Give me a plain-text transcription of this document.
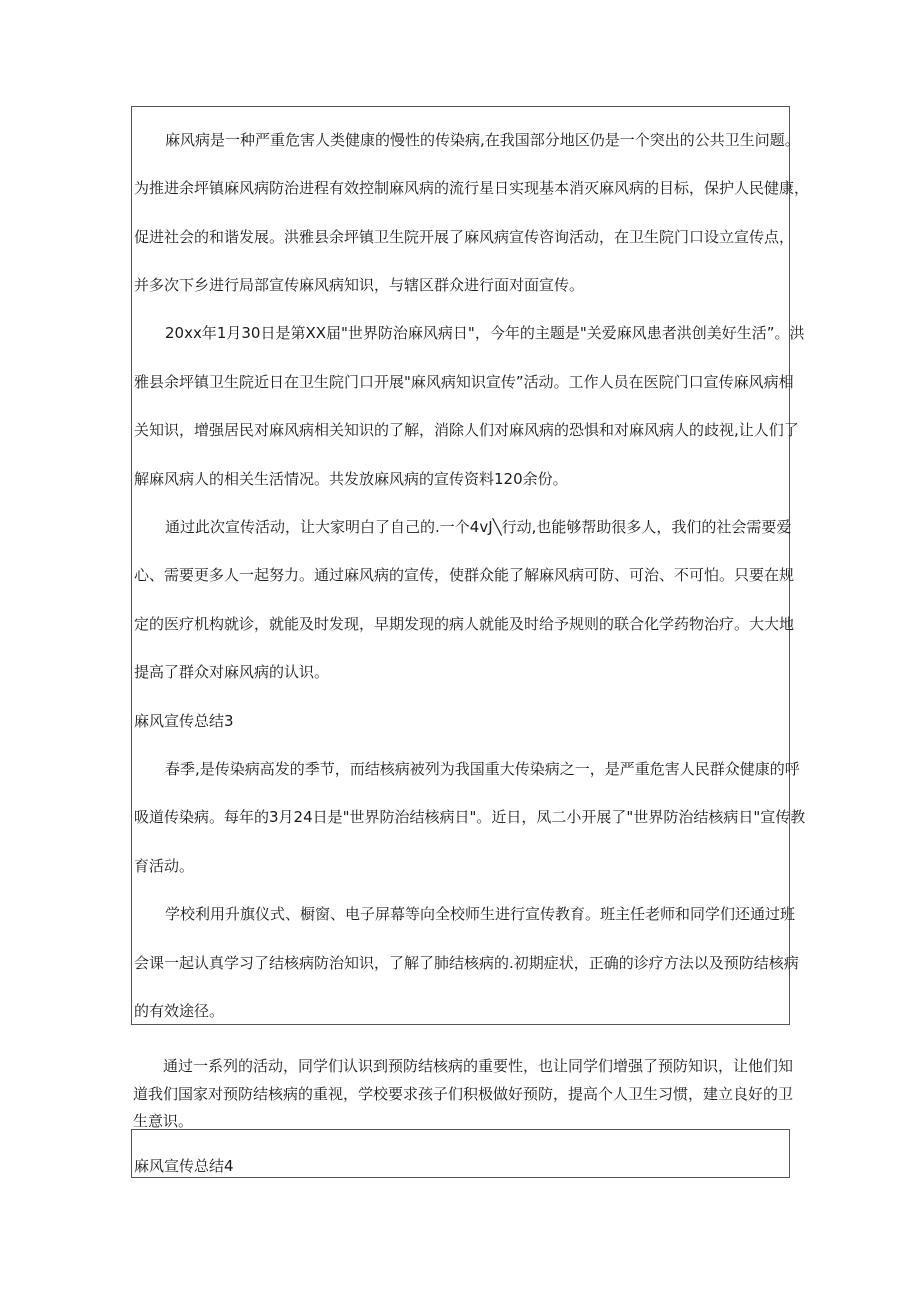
麻风病是一种严重危害人类健康的慢性的传染病,在我国部分地区仍是一个突出的公共卫生问题。

为推进余坪镇麻风病防治进程有效控制麻风病的流行星日实现基本消灭麻风病的目标，保护人民健康，

促进社会的和谐发展。洪雅县余坪镇卫生院开展了麻风病宣传咨询活动，在卫生院门口设立宣传点，

并多次下乡进行局部宣传麻风病知识，与辖区群众进行面对面宣传。

20xx年1月30日是第XX届"世界防治麻风病日"，今年的主题是"关爱麻风患者洪创美好生活”。洪

雅县余坪镇卫生院近日在卫生院门口开展"麻风病知识宣传”活动。工作人员在医院门口宣传麻风病相

关知识，增强居民对麻风病相关知识的了解，消除人们对麻风病的恐惧和对麻风病人的歧视,让人们了

解麻风病人的相关生活情况。共发放麻风病的宣传资料120余份。

通过此次宣传活动，让大家明白了自己的.一个4vJ╲行动,也能够帮助很多人，我们的社会需要爱

心、需要更多人一起努力。通过麻风病的宣传，使群众能了解麻风病可防、可治、不可怕。只要在规

定的医疗机构就诊，就能及时发现，早期发现的病人就能及时给予规则的联合化学药物治疗。大大地

提高了群众对麻风病的认识。

麻风宣传总结3

春季,是传染病高发的季节，而结核病被列为我国重大传染病之一，是严重危害人民群众健康的呼

吸道传染病。每年的3月24日是"世界防治结核病日"。近日，凤二小开展了"世界防治结核病日"宣传教

育活动。

学校利用升旗仪式、橱窗、电子屏幕等向全校师生进行宣传教育。班主任老师和同学们还通过班

会课一起认真学习了结核病防治知识，了解了肺结核病的.初期症状，正确的诊疗方法以及预防结核病

的有效途径。

通过一系列的活动，同学们认识到预防结核病的重要性，也让同学们增强了预防知识，让他们知

道我们国家对预防结核病的重视，学校要求孩子们积极做好预防，提高个人卫生习惯，建立良好的卫

生意识。

麻风宣传总结4
